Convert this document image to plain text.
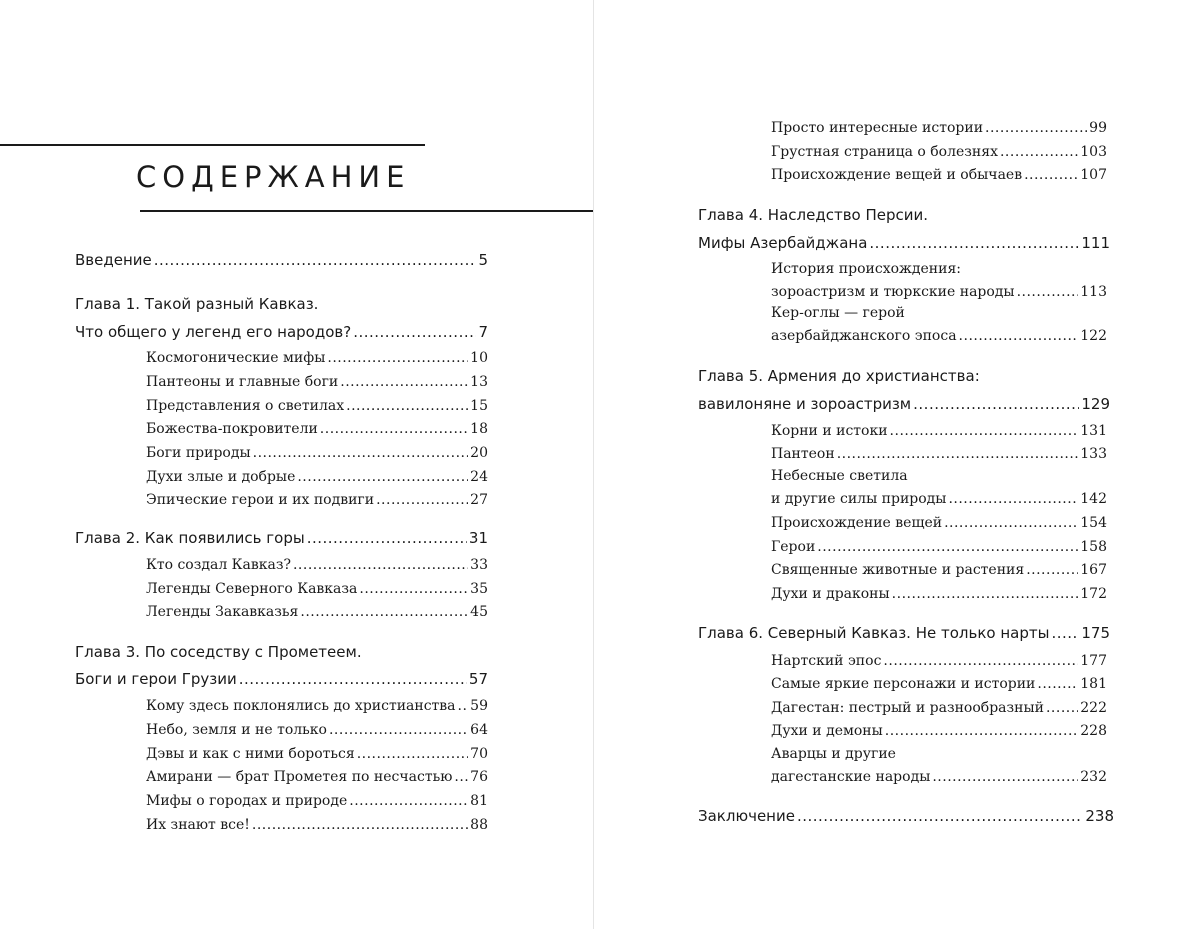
СОДЕРЖАНИЕ
Введение .....	5
Глава 1. Такой разный Кавказ.
Что общего у легенд его народов? .....	7
Космогонические мифы .....	10
Пантеоны и главные боги .....	13
Представления о светилах .....	15
Божества-покровители .....	18
Боги природы .....	20
Духи злые и добрые .....	24
Эпические герои и их подвиги .....	27
Глава 2. Как появились горы .....	31
Кто создал Кавказ? .....	33
Легенды Северного Кавказа .....	35
Легенды Закавказья .....	45
Глава 3. По соседству с Прометеем.
Боги и герои Грузии .....	57
Кому здесь поклонялись до христианства ..... 59
Небо, земля и не только .....	64
Дэвы и как с ними бороться .....	70
Амирани — брат Прометея по несчастью ..... 76
Мифы о городах и природе .....	81
Их знают все! .....	88
Просто интересные истории .....	99
Грустная страница о болезнях .....	103
Происхождение вещей и обычаев .....	107
Глава 4. Наследство Персии.
Мифы Азербайджана .....	111
История происхождения:
зороастризм и тюркские народы .....	113
Кер-оглы — герой
азербайджанского эпоса .....	122
Глава 5. Армения до христианства:
вавилоняне и зороастризм .....	129
Корни и истоки .....	131
Пантеон .....	133
Небесные светила
и другие силы природы .....	142
Происхождение вещей .....	154
Герои .....	158
Священные животные и растения .....	167
Духи и драконы .....	172
Глава 6. Северный Кавказ. Не только нарты ..... 175
Нартский эпос .....	177
Самые яркие персонажи и истории .....	181
Дагестан: пестрый и разнообразный .....	222
Духи и демоны .....	228
Аварцы и другие
дагестанские народы .....	232
Заключение .....	238
